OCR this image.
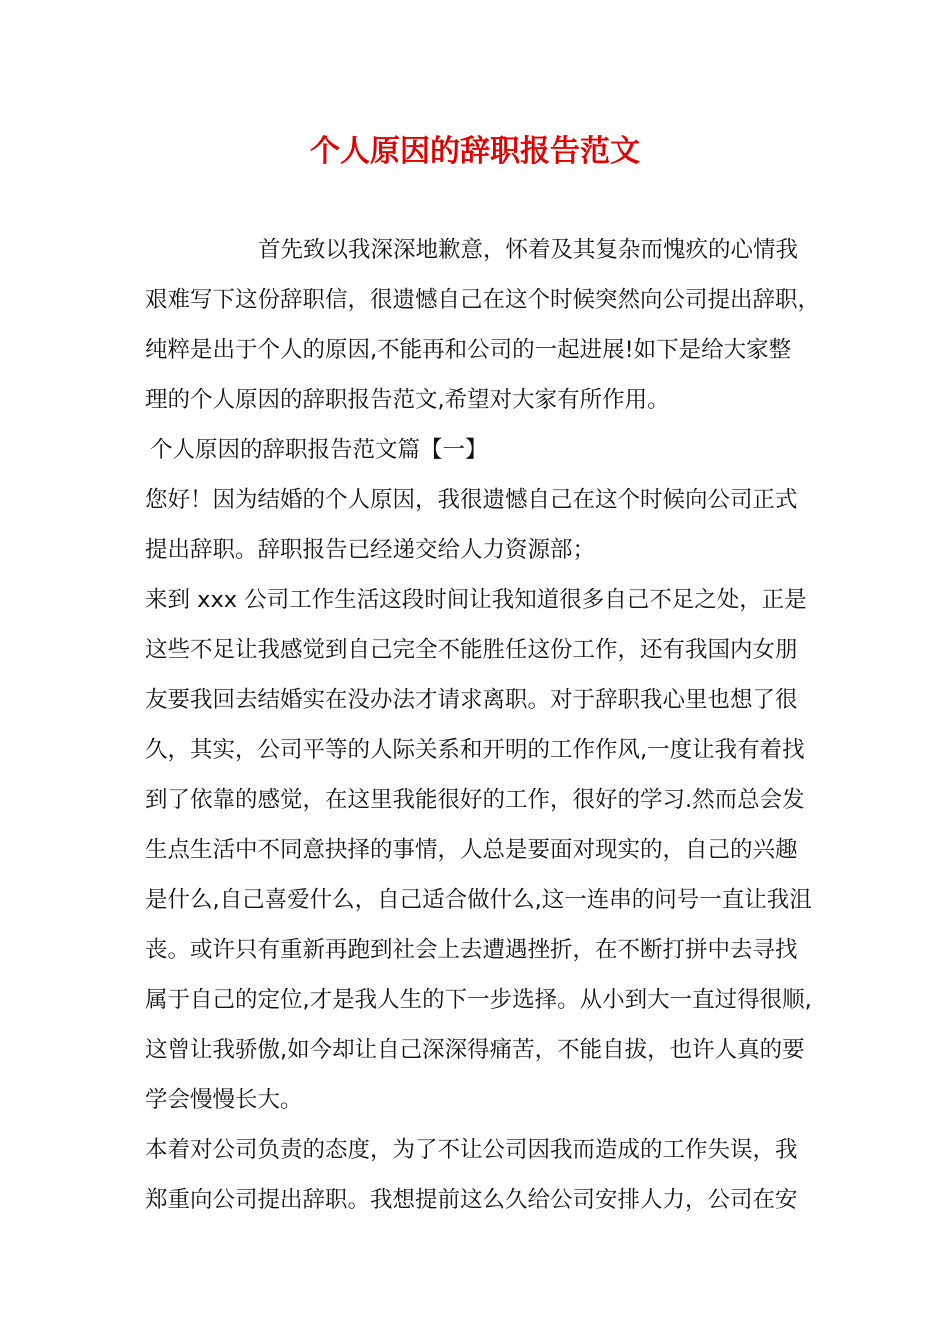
个人原因的辞职报告范文
首先致以我深深地歉意，怀着及其复杂而愧疚的心情我
艰难写下这份辞职信，很遗憾自己在这个时候突然向公司提出辞职，
纯粹是出于个人的原因,不能再和公司的一起进展!如下是给大家整
理的个人原因的辞职报告范文,希望对大家有所作用。
个人原因的辞职报告范文篇【一】
您好！因为结婚的个人原因，我很遗憾自己在这个时候向公司正式
提出辞职。辞职报告已经递交给人力资源部；
来到 xxx 公司工作生活这段时间让我知道很多自己不足之处，正是
这些不足让我感觉到自己完全不能胜任这份工作，还有我国内女朋
友要我回去结婚实在没办法才请求离职。对于辞职我心里也想了很
久，其实，公司平等的人际关系和开明的工作作风,一度让我有着找
到了依靠的感觉，在这里我能很好的工作，很好的学习.然而总会发
生点生活中不同意抉择的事情，人总是要面对现实的，自己的兴趣
是什么,自己喜爱什么，自己适合做什么,这一连串的问号一直让我沮
丧。或许只有重新再跑到社会上去遭遇挫折，在不断打拼中去寻找
属于自己的定位,才是我人生的下一步选择。从小到大一直过得很顺,
这曾让我骄傲,如今却让自己深深得痛苦，不能自拔，也许人真的要
学会慢慢长大。
本着对公司负责的态度，为了不让公司因我而造成的工作失误，我
郑重向公司提出辞职。我想提前这么久给公司安排人力，公司在安
